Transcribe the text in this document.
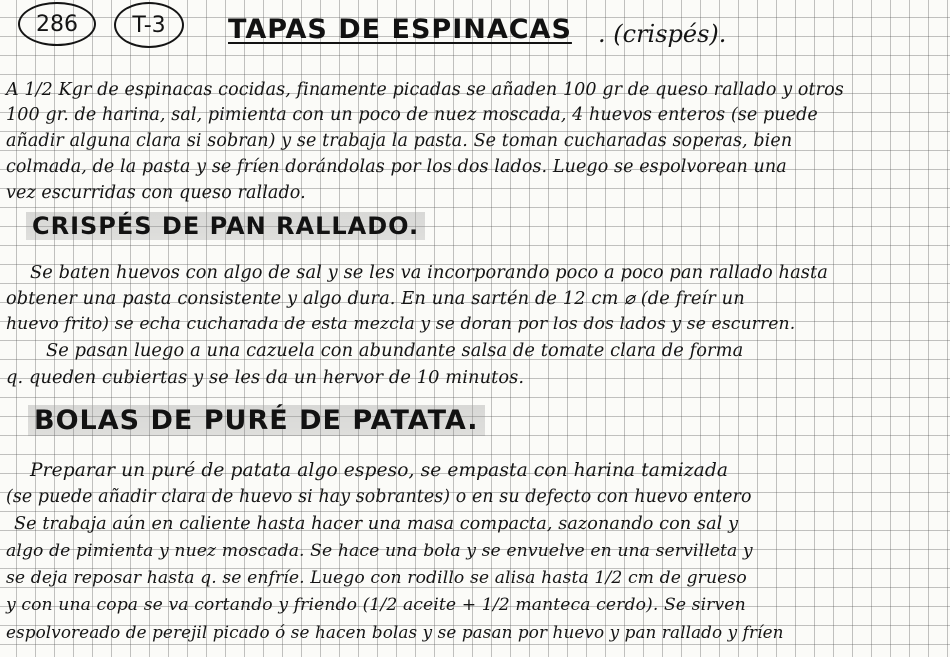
286 T-3 TAPAS DE ESPINACAS . (crispés).
A 1/2 Kgr de espinacas cocidas, finamente picadas se añaden 100 gr de queso rallado y otros
100 gr. de harina, sal, pimienta con un poco de nuez moscada, 4 huevos enteros (se puede
añadir alguna clara si sobran) y se trabaja la pasta. Se toman cucharadas soperas, bien
colmada, de la pasta y se fríen dorándolas por los dos lados. Luego se espolvorean una
vez escurridas con queso rallado.
CRISPÉS DE PAN RALLADO.
Se baten huevos con algo de sal y se les va incorporando poco a poco pan rallado hasta
obtener una pasta consistente y algo dura. En una sartén de 12 cm ⌀ (de freír un
huevo frito) se echa cucharada de esta mezcla y se doran por los dos lados y se escurren.
Se pasan luego a una cazuela con abundante salsa de tomate clara de forma
q. queden cubiertas y se les da un hervor de 10 minutos.
BOLAS DE PURÉ DE PATATA.
Preparar un puré de patata algo espeso, se empasta con harina tamizada
(se puede añadir clara de huevo si hay sobrantes) o en su defecto con huevo entero
Se trabaja aún en caliente hasta hacer una masa compacta, sazonando con sal y
algo de pimienta y nuez moscada. Se hace una bola y se envuelve en una servilleta y
se deja reposar hasta q. se enfríe. Luego con rodillo se alisa hasta 1/2 cm de grueso
y con una copa se va cortando y friendo (1/2 aceite + 1/2 manteca cerdo). Se sirven
espolvoreado de perejil picado ó se hacen bolas y se pasan por huevo y pan rallado y fríen
